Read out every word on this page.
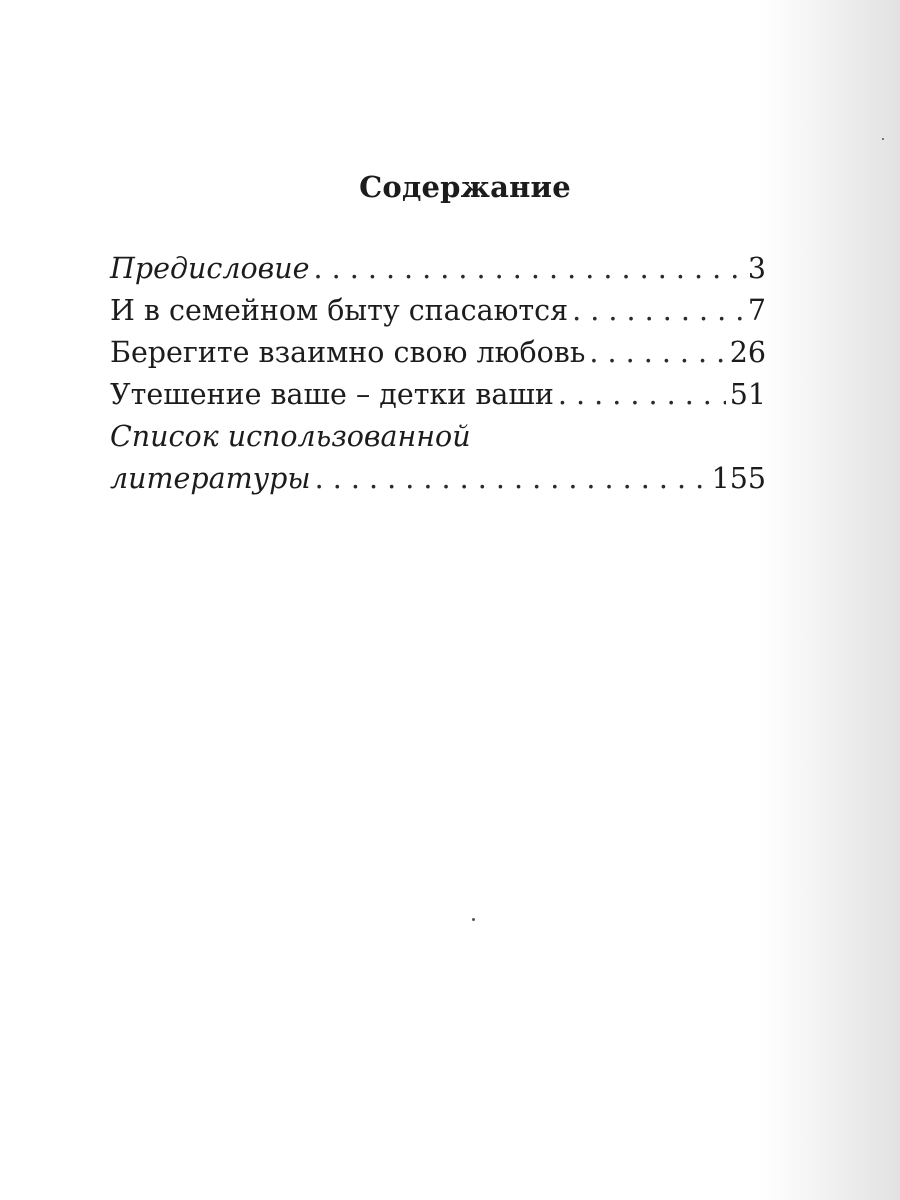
Содержание
Предисловие . . .	3
И в семейном быту спасаются . . .	7
Берегите взаимно свою любовь . . .	26
Утешение ваше – детки ваши . . .	51
Список использованной
литературы . . .	155
